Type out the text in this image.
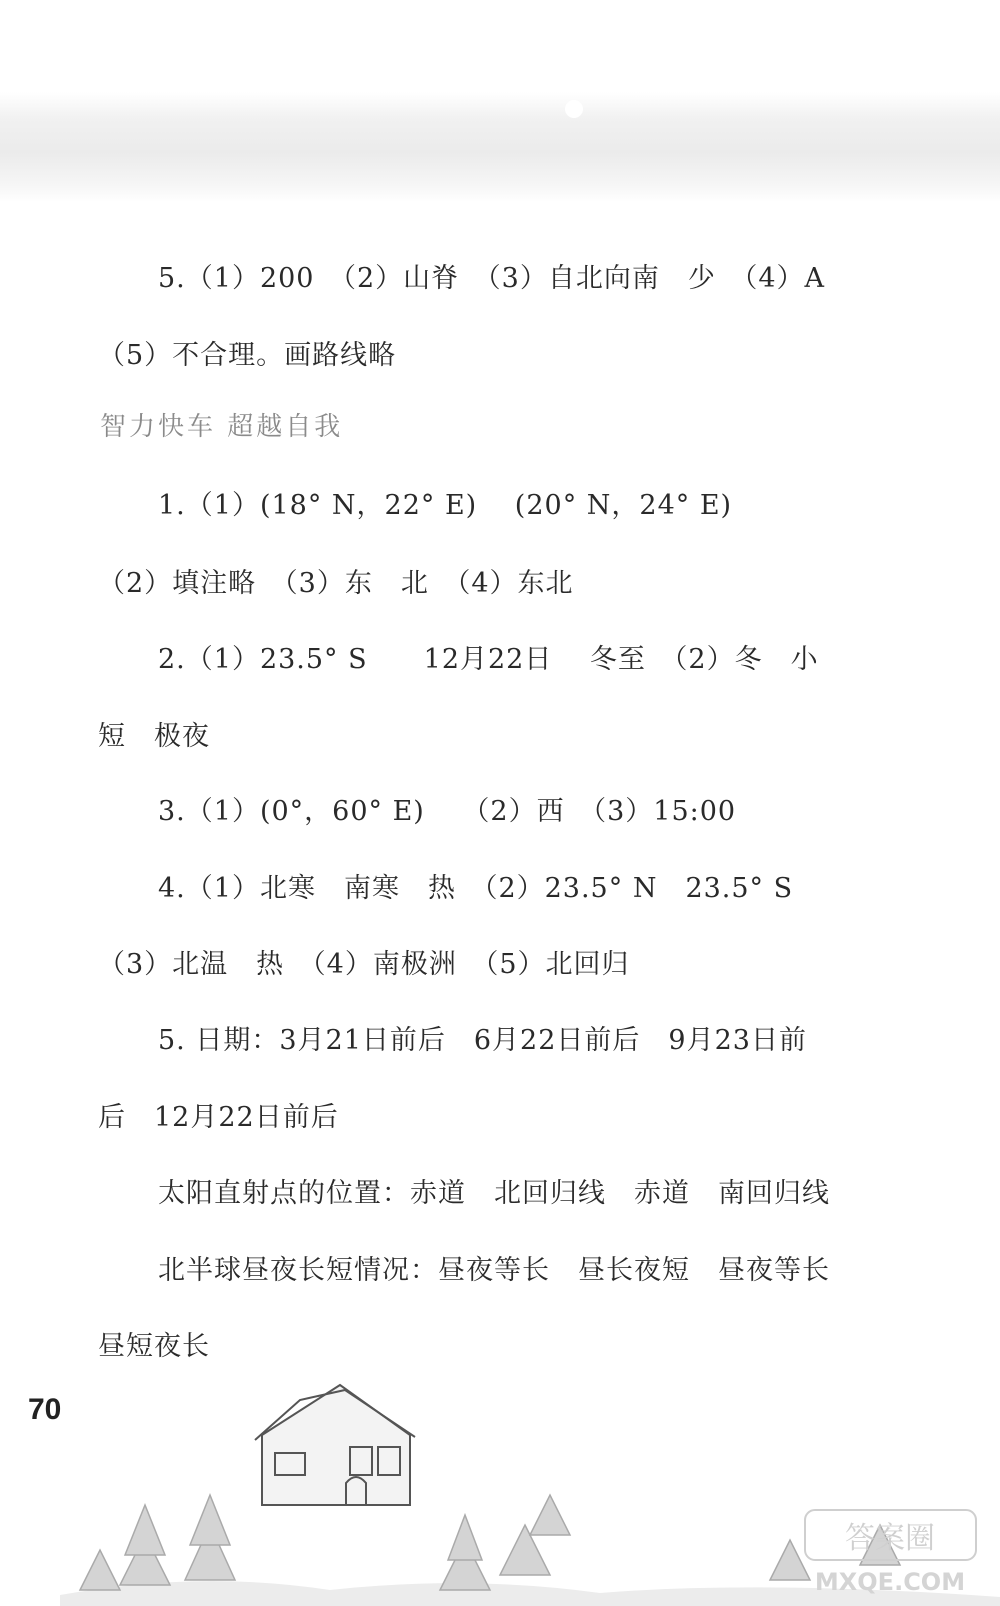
5.（1）200　（2）山脊　（3）自北向南　少　（4）A
（5）不合理。画路线略
智力快车 超越自我
1.（1）(18° N，22° E)　 (20° N，24° E)
（2）填注略　（3）东　北　（4）东北
2.（1）23.5° S　　12月22日　 冬至　（2）冬　小
短　极夜
3.（1）(0°，60° E)　 （2）西　（3）15:00
4.（1）北寒　南寒　热　（2）23.5° N　23.5° S
（3）北温　热　（4）南极洲　（5）北回归
5. 日期：3月21日前后　6月22日前后　9月23日前
后　12月22日前后
太阳直射点的位置：赤道　北回归线　赤道　南回归线
北半球昼夜长短情况：昼夜等长　昼长夜短　昼夜等长
昼短夜长
70
答案圈
MXQE.COM
